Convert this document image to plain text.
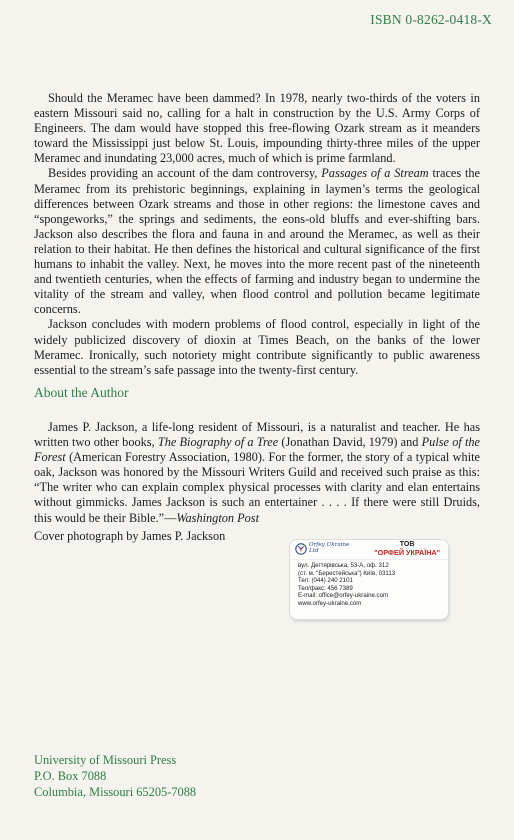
ISBN 0-8262-0418-X

Should the Meramec have been dammed? In 1978, nearly two-thirds of the voters in eastern Missouri said no, calling for a halt in construction by the U.S. Army Corps of Engineers. The dam would have stopped this free-flowing Ozark stream as it meanders toward the Mississippi just below St. Louis, impounding thirty-three miles of the upper Meramec and inundating 23,000 acres, much of which is prime farmland.

Besides providing an account of the dam controversy, Passages of a Stream traces the Meramec from its prehistoric beginnings, explaining in laymen’s terms the geological differences between Ozark streams and those in other regions: the limestone caves and “spongeworks,” the springs and sediments, the eons-old bluffs and ever-shifting bars. Jackson also describes the flora and fauna in and around the Meramec, as well as their relation to their habitat. He then defines the historical and cultural significance of the first humans to inhabit the valley. Next, he moves into the more recent past of the nineteenth and twentieth centuries, when the effects of farming and industry began to undermine the vitality of the stream and valley, when flood control and pollution became legitimate concerns.

Jackson concludes with modern problems of flood control, especially in light of the widely publicized discovery of dioxin at Times Beach, on the banks of the lower Meramec. Ironically, such notoriety might contribute significantly to public awareness essential to the stream’s safe passage into the twenty-first century.

About the Author

James P. Jackson, a life-long resident of Missouri, is a naturalist and teacher. He has written two other books, The Biography of a Tree (Jonathan David, 1979) and Pulse of the Forest (American Forestry Association, 1980). For the former, the story of a typical white oak, Jackson was honored by the Missouri Writers Guild and received such praise as this: “The writer who can explain complex physical processes with clarity and elan entertains without gimmicks. James Jackson is such an entertainer . . . . If there were still Druids, this would be their Bible.”—Washington Post

Cover photograph by James P. Jackson
Orfey Ukraine Ltd
ТОВ
"ОРФЕЙ УКРАЇНА"
вул. Дегтярівська, 53-А, оф. 312
(ст. м. "Берестейська") Київ, 03113
Тел: (044) 240 2101
Тел/факс: 456 7389
E-mail: office@orfey-ukraine.com
www.orfey-ukraine.com
University of Missouri Press
P.O. Box 7088
Columbia, Missouri 65205-7088
